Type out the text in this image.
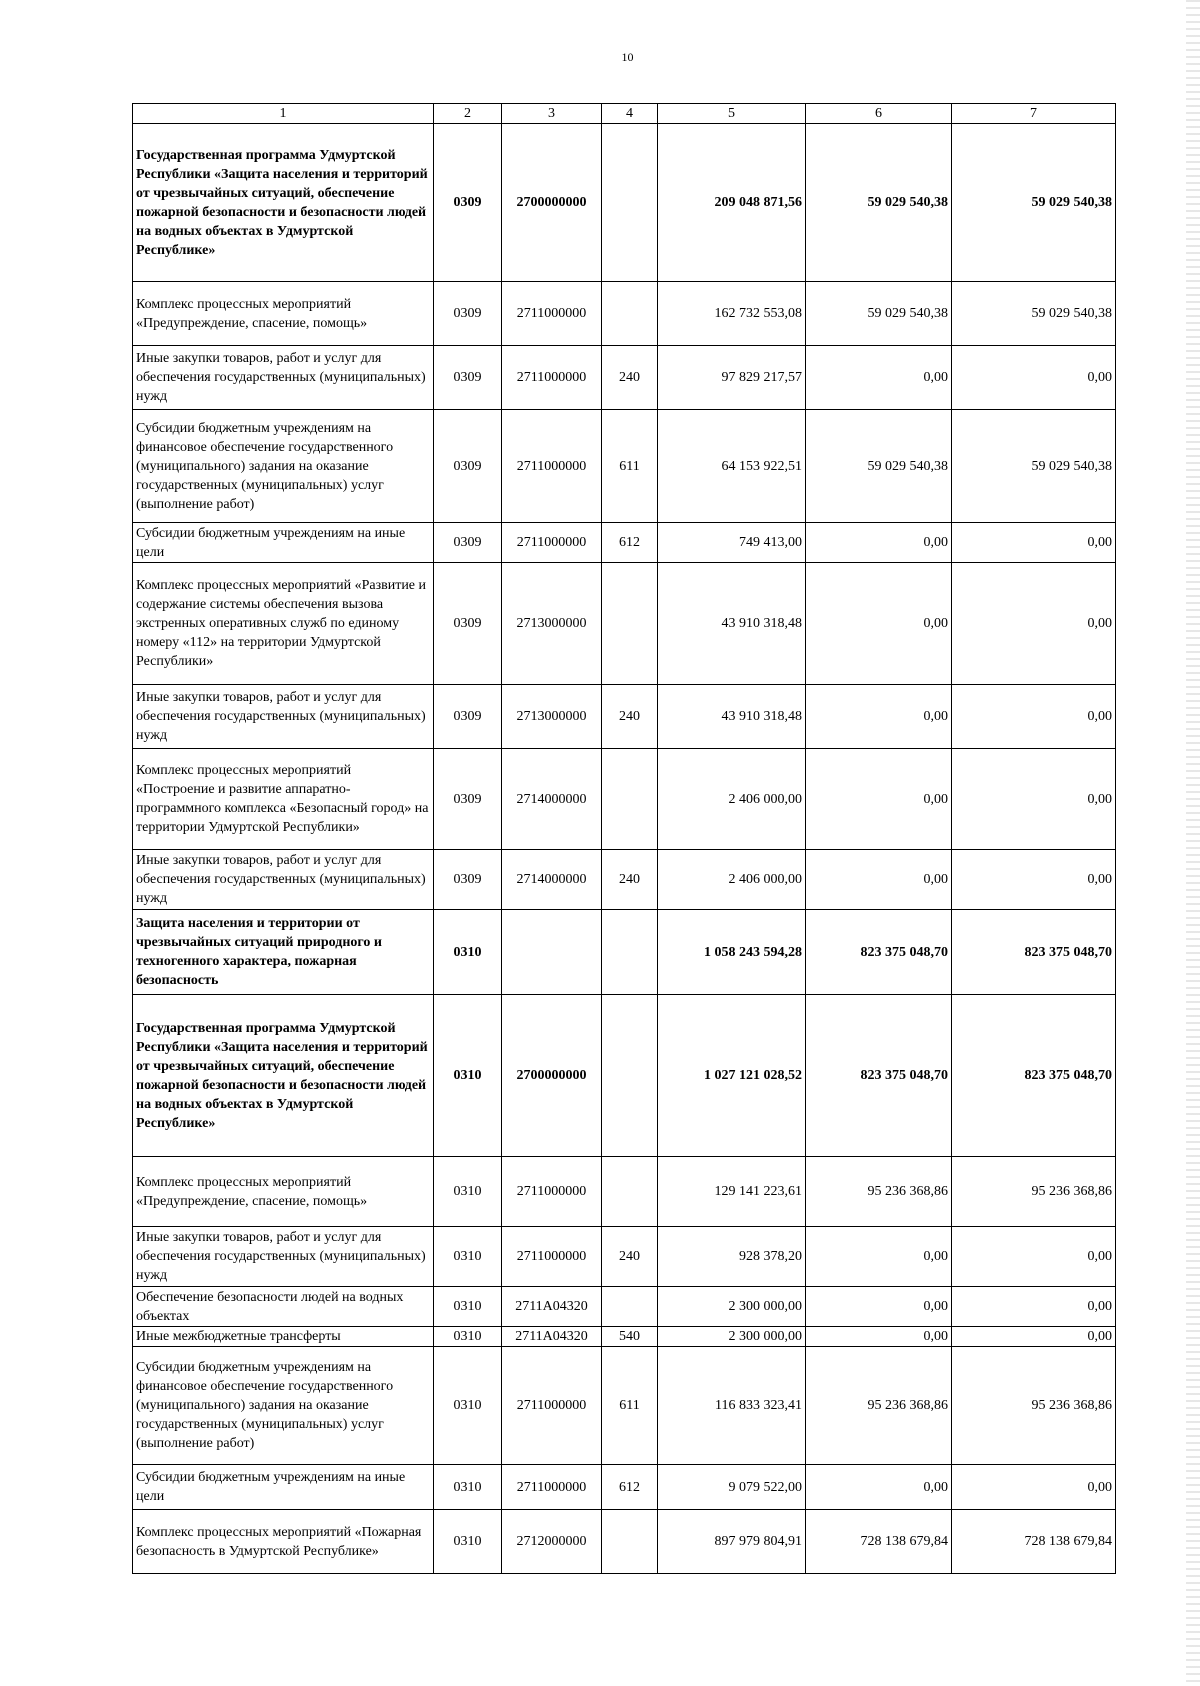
10
1	2	3	4	5	6	7
Государственная программа Удмуртской Республики «Защита населения и территорий от чрезвычайных ситуаций, обеспечение пожарной безопасности и безопасности людей на водных объектах в Удмуртской Республике»	0309	2700000000		209 048 871,56	59 029 540,38	59 029 540,38
Комплекс процессных мероприятий «Предупреждение, спасение, помощь»	0309	2711000000		162 732 553,08	59 029 540,38	59 029 540,38
Иные закупки товаров, работ и услуг для обеспечения государственных (муниципальных) нужд	0309	2711000000	240	97 829 217,57	0,00	0,00
Субсидии бюджетным учреждениям на финансовое обеспечение государственного (муниципального) задания на оказание государственных (муниципальных) услуг (выполнение работ)	0309	2711000000	611	64 153 922,51	59 029 540,38	59 029 540,38
Субсидии бюджетным учреждениям на иные цели	0309	2711000000	612	749 413,00	0,00	0,00
Комплекс процессных мероприятий «Развитие и содержание системы обеспечения вызова экстренных оперативных служб по единому номеру «112» на территории Удмуртской Республики»	0309	2713000000		43 910 318,48	0,00	0,00
Иные закупки товаров, работ и услуг для обеспечения государственных (муниципальных) нужд	0309	2713000000	240	43 910 318,48	0,00	0,00
Комплекс процессных мероприятий «Построение и развитие аппаратно-программного комплекса «Безопасный город» на территории Удмуртской Республики»	0309	2714000000		2 406 000,00	0,00	0,00
Иные закупки товаров, работ и услуг для обеспечения государственных (муниципальных) нужд	0309	2714000000	240	2 406 000,00	0,00	0,00
Защита населения и территории от чрезвычайных ситуаций природного и техногенного характера, пожарная безопасность	0310			1 058 243 594,28	823 375 048,70	823 375 048,70
Государственная программа Удмуртской Республики «Защита населения и территорий от чрезвычайных ситуаций, обеспечение пожарной безопасности и безопасности людей на водных объектах в Удмуртской Республике»	0310	2700000000		1 027 121 028,52	823 375 048,70	823 375 048,70
Комплекс процессных мероприятий «Предупреждение, спасение, помощь»	0310	2711000000		129 141 223,61	95 236 368,86	95 236 368,86
Иные закупки товаров, работ и услуг для обеспечения государственных (муниципальных) нужд	0310	2711000000	240	928 378,20	0,00	0,00
Обеспечение безопасности людей на водных объектах	0310	2711А04320		2 300 000,00	0,00	0,00
Иные межбюджетные трансферты	0310	2711А04320	540	2 300 000,00	0,00	0,00
Субсидии бюджетным учреждениям на финансовое обеспечение государственного (муниципального) задания на оказание государственных (муниципальных) услуг (выполнение работ)	0310	2711000000	611	116 833 323,41	95 236 368,86	95 236 368,86
Субсидии бюджетным учреждениям на иные цели	0310	2711000000	612	9 079 522,00	0,00	0,00
Комплекс процессных мероприятий «Пожарная безопасность в Удмуртской Республике»	0310	2712000000		897 979 804,91	728 138 679,84	728 138 679,84
